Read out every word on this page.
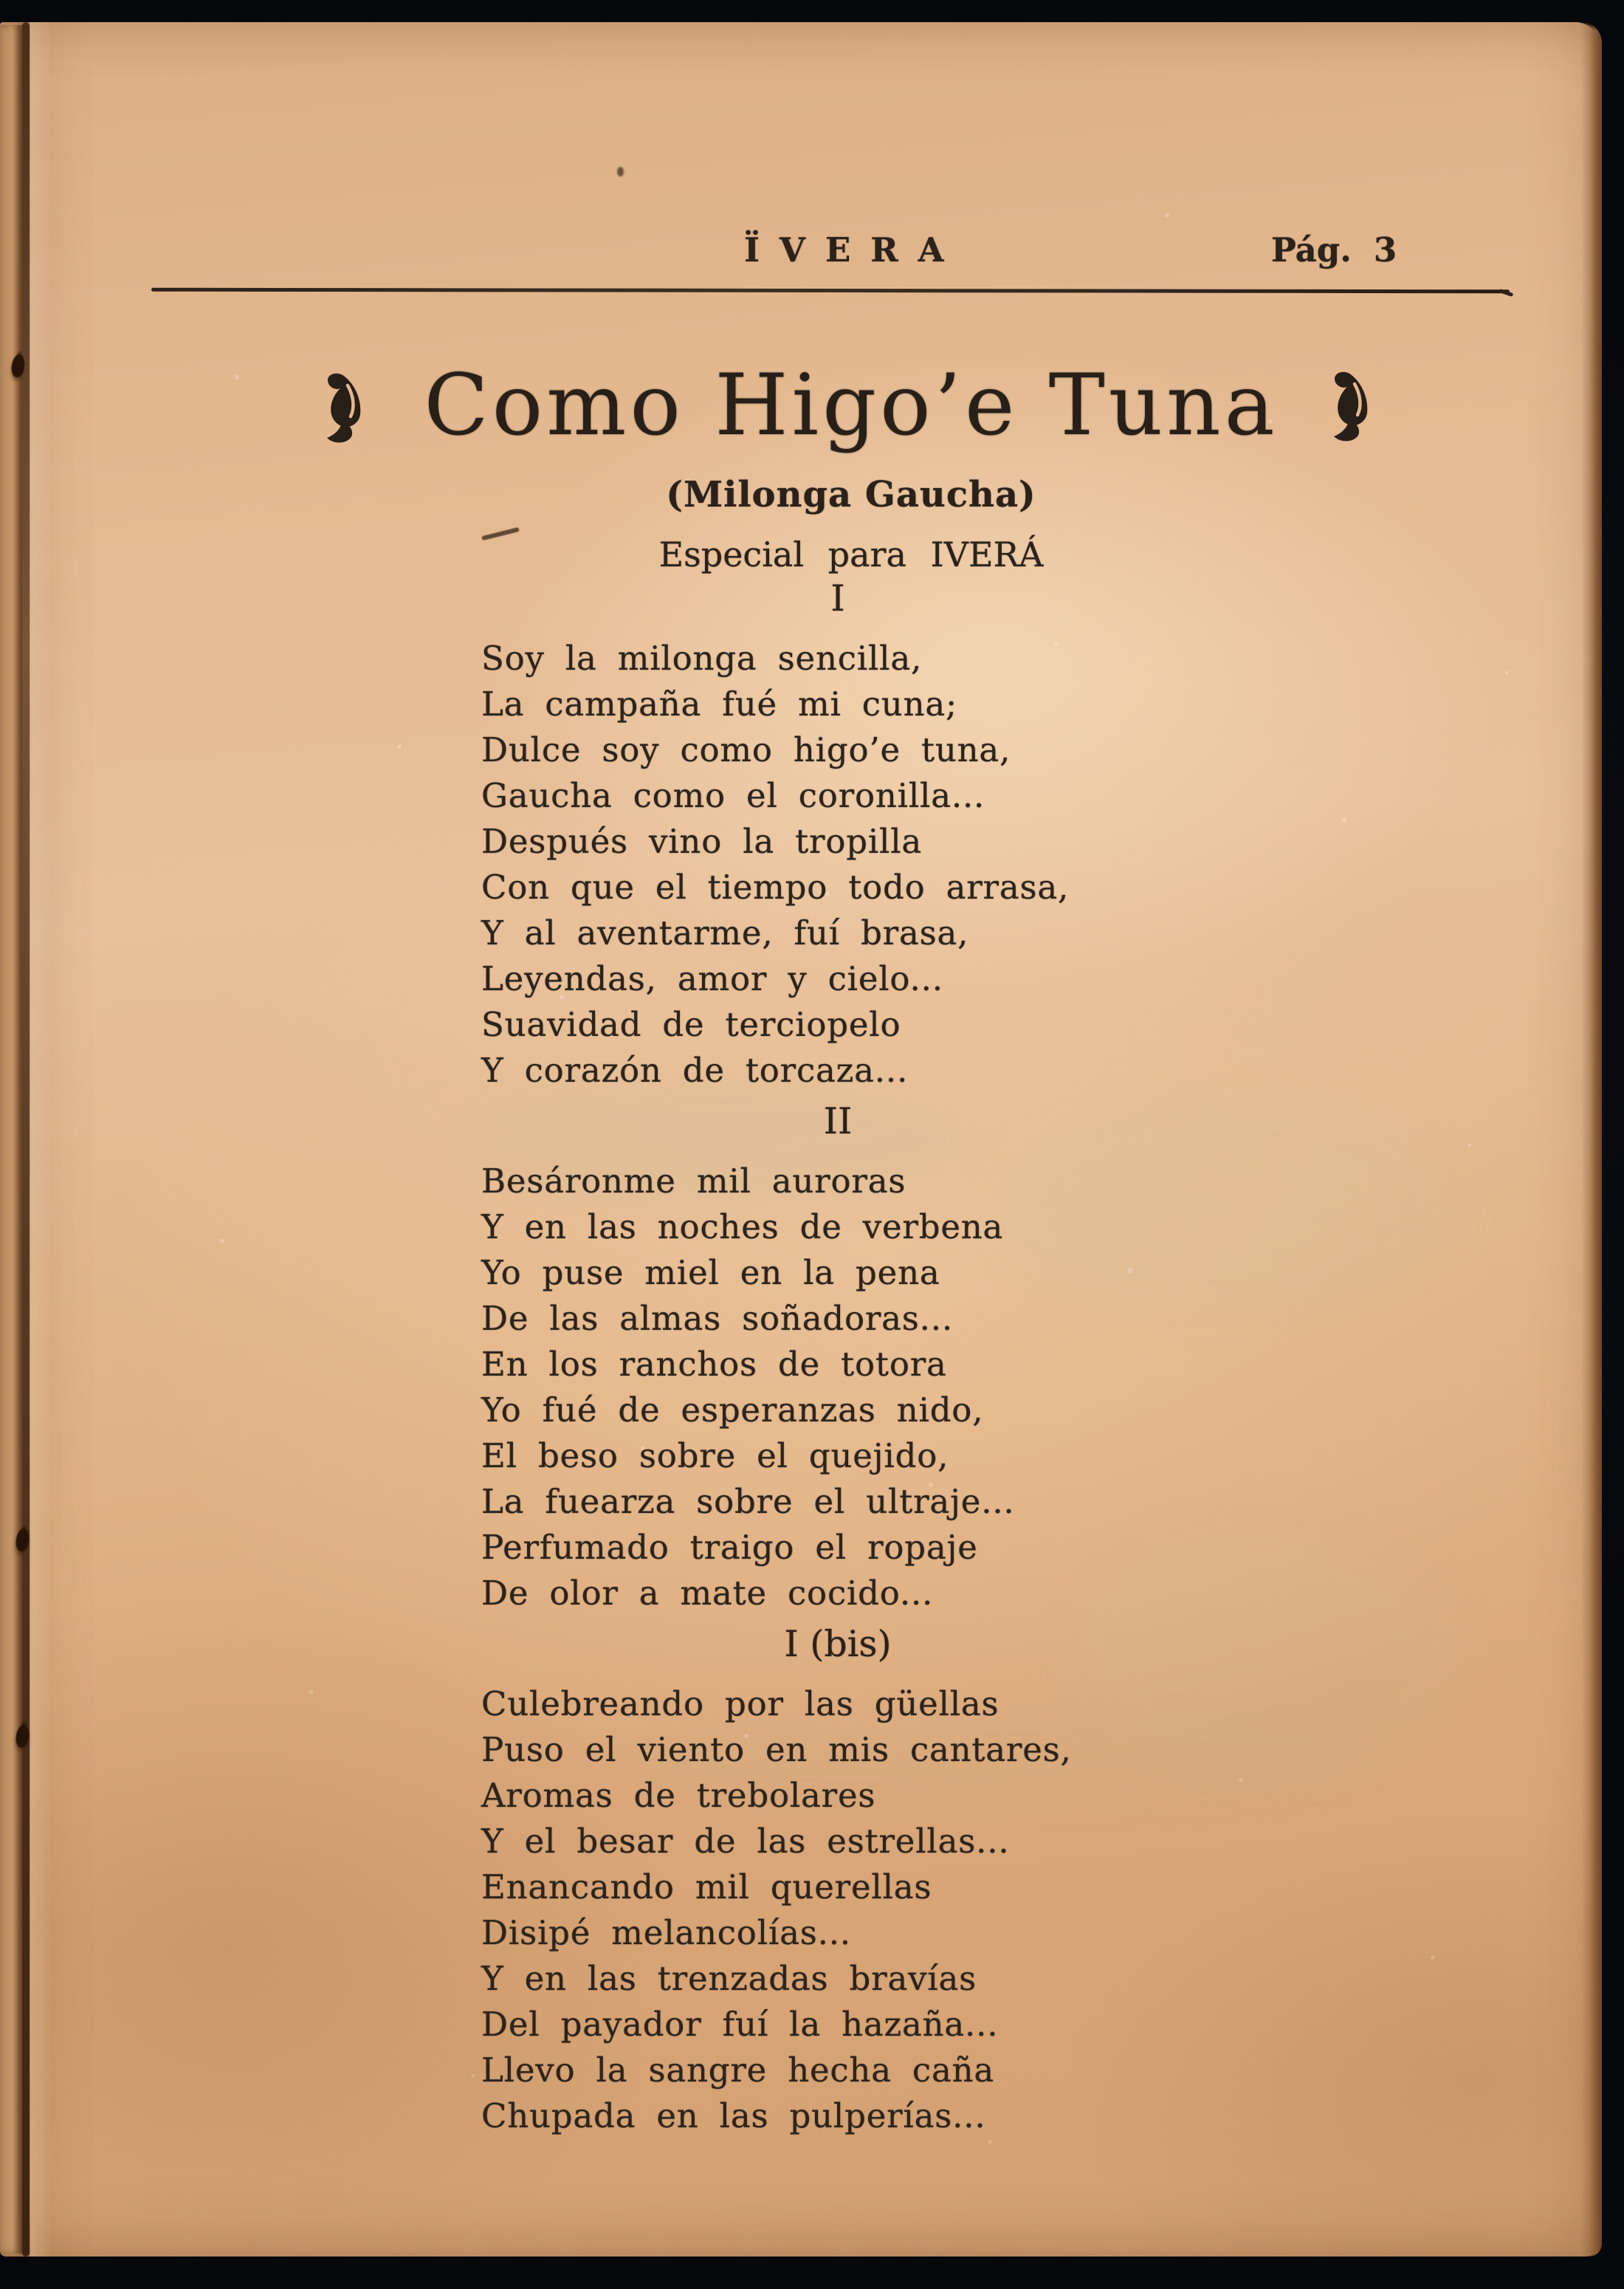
ÏVERA	Pág. 3
Como Higo’e Tuna
(Milonga Gaucha)
Especial para IVERÁ
I
Soy la milonga sencilla,
La campaña fué mi cuna;
Dulce soy como higo’e tuna,
Gaucha como el coronilla...
Después vino la tropilla
Con que el tiempo todo arrasa,
Y al aventarme, fuí brasa,
Leyendas, amor y cielo...
Suavidad de terciopelo
Y corazón de torcaza...
II
Besáronme mil auroras
Y en las noches de verbena
Yo puse miel en la pena
De las almas soñadoras...
En los ranchos de totora
Yo fué de esperanzas nido,
El beso sobre el quejido,
La fuearza sobre el ultraje...
Perfumado traigo el ropaje
De olor a mate cocido...
I (bis)
Culebreando por las güellas
Puso el viento en mis cantares,
Aromas de trebolares
Y el besar de las estrellas...
Enancando mil querellas
Disipé melancolías...
Y en las trenzadas bravías
Del payador fuí la hazaña...
Llevo la sangre hecha caña
Chupada en las pulperías...
